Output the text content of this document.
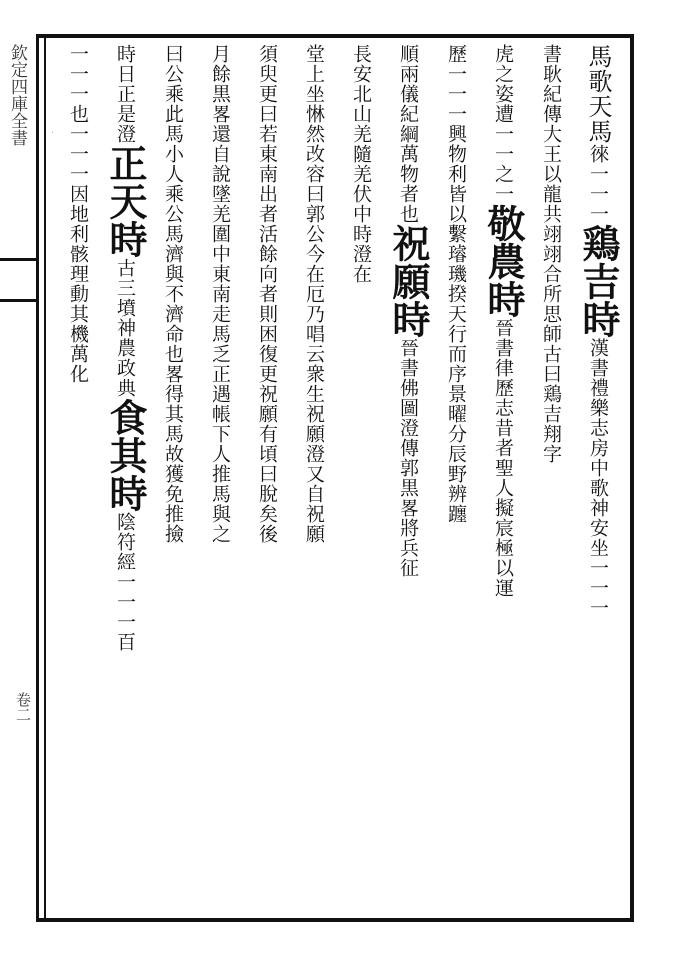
欽定四庫全書
卷二
馬歌天馬徠一一一鶏吉時漢書禮樂志房中歌神安坐一一一
書耿紀傳大王以龍共翊翊合所思師古曰鶏吉翔字
虎之姿遭一一之一敬農時晉書律歷志昔者聖人擬宸極以運
歷一一一興物利皆以繫璿璣揆天行而序景曜分辰野辨躔
順兩儀紀綱萬物者也祝願時晉書佛圖澄傳郭黒畧將兵征
長安北山羌隨羌伏中時澄在
堂上坐惏然改容曰郭公今在厄乃唱云衆生祝願澄又自祝願
須臾更曰若東南出者活餘向者則困復更祝願有頃曰脫矣後
月餘黒畧還自說墜羌圍中東南走馬乏正遇帳下人推馬與之
曰公乘此馬小人乘公馬濟與不濟命也畧得其馬故獲免推撿
時日正是澄正天時古三墳神農政典食其時陰符經一一一百
一一一也一一一因地利骸理動其機萬化
